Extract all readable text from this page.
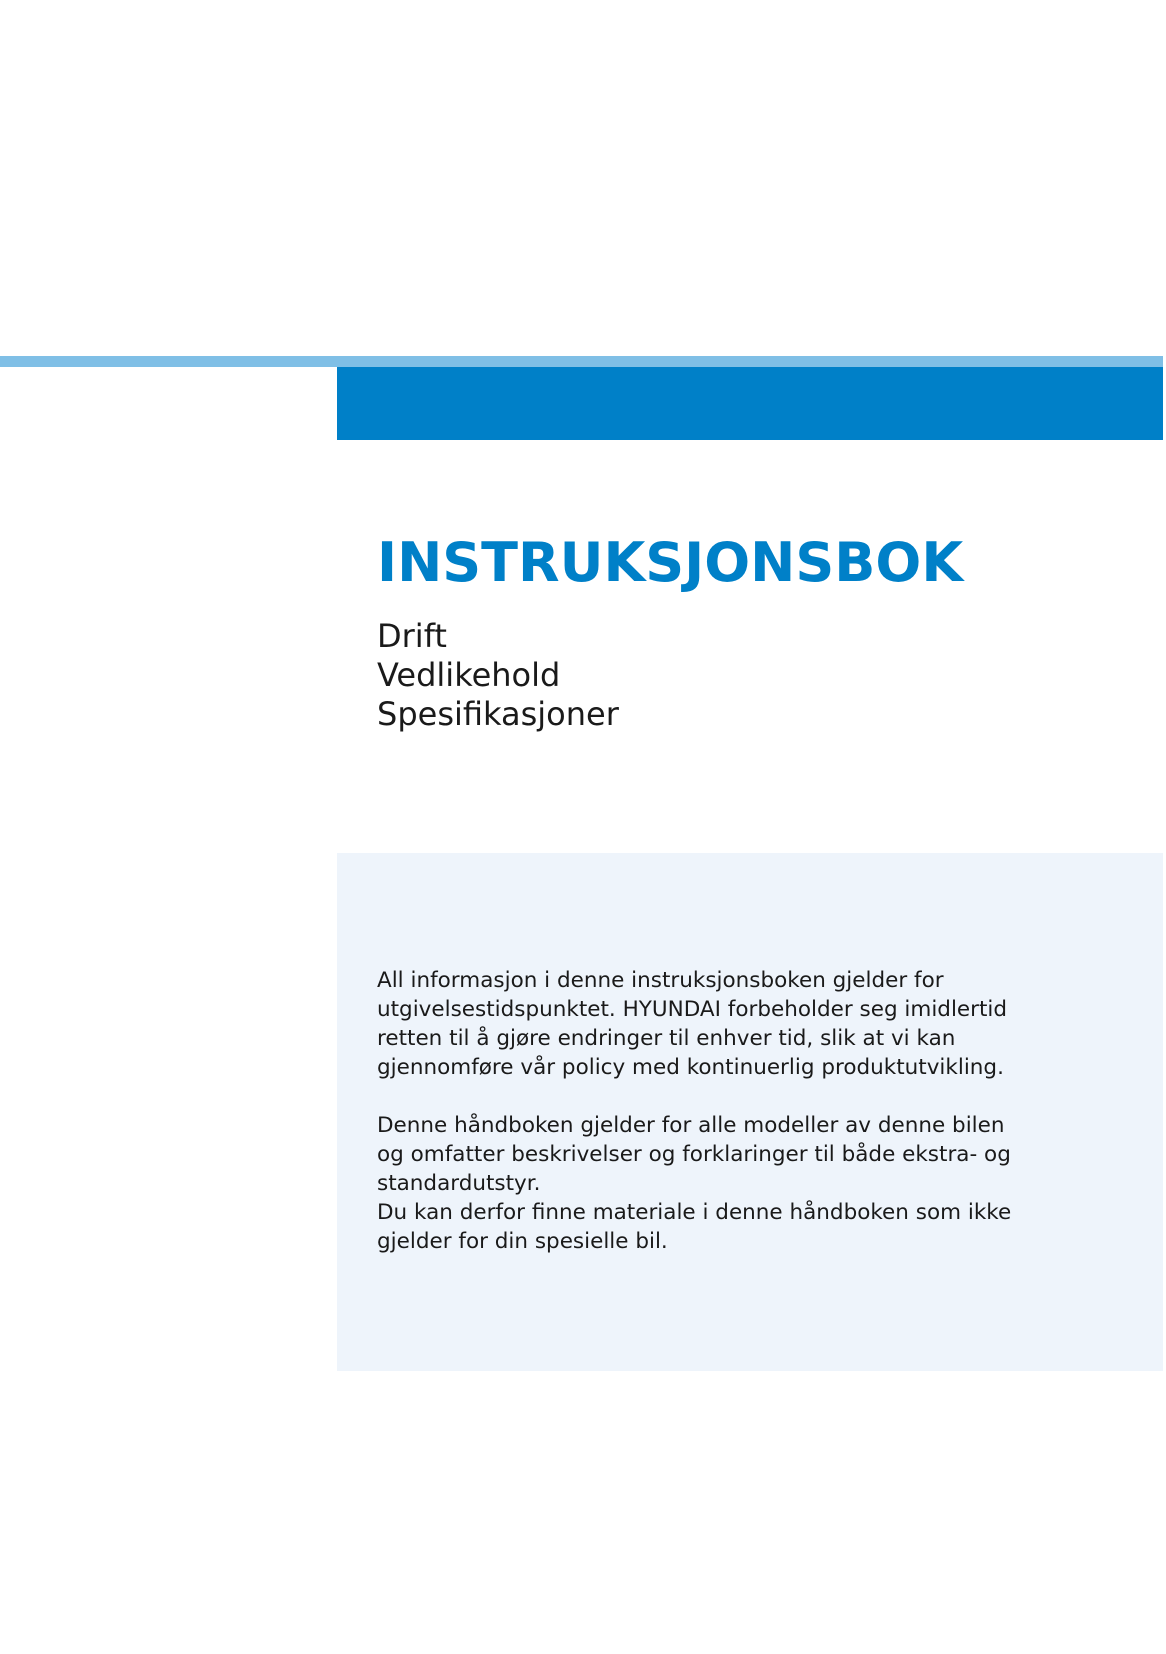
INSTRUKSJONSBOK
Drift
Vedlikehold
Spesifikasjoner

All informasjon i denne instruksjonsboken gjelder for
utgivelsestidspunktet. HYUNDAI forbeholder seg imidlertid
retten til å gjøre endringer til enhver tid, slik at vi kan
gjennomføre vår policy med kontinuerlig produktutvikling.

Denne håndboken gjelder for alle modeller av denne bilen
og omfatter beskrivelser og forklaringer til både ekstra- og
standardutstyr.

Du kan derfor finne materiale i denne håndboken som ikke
gjelder for din spesielle bil.
